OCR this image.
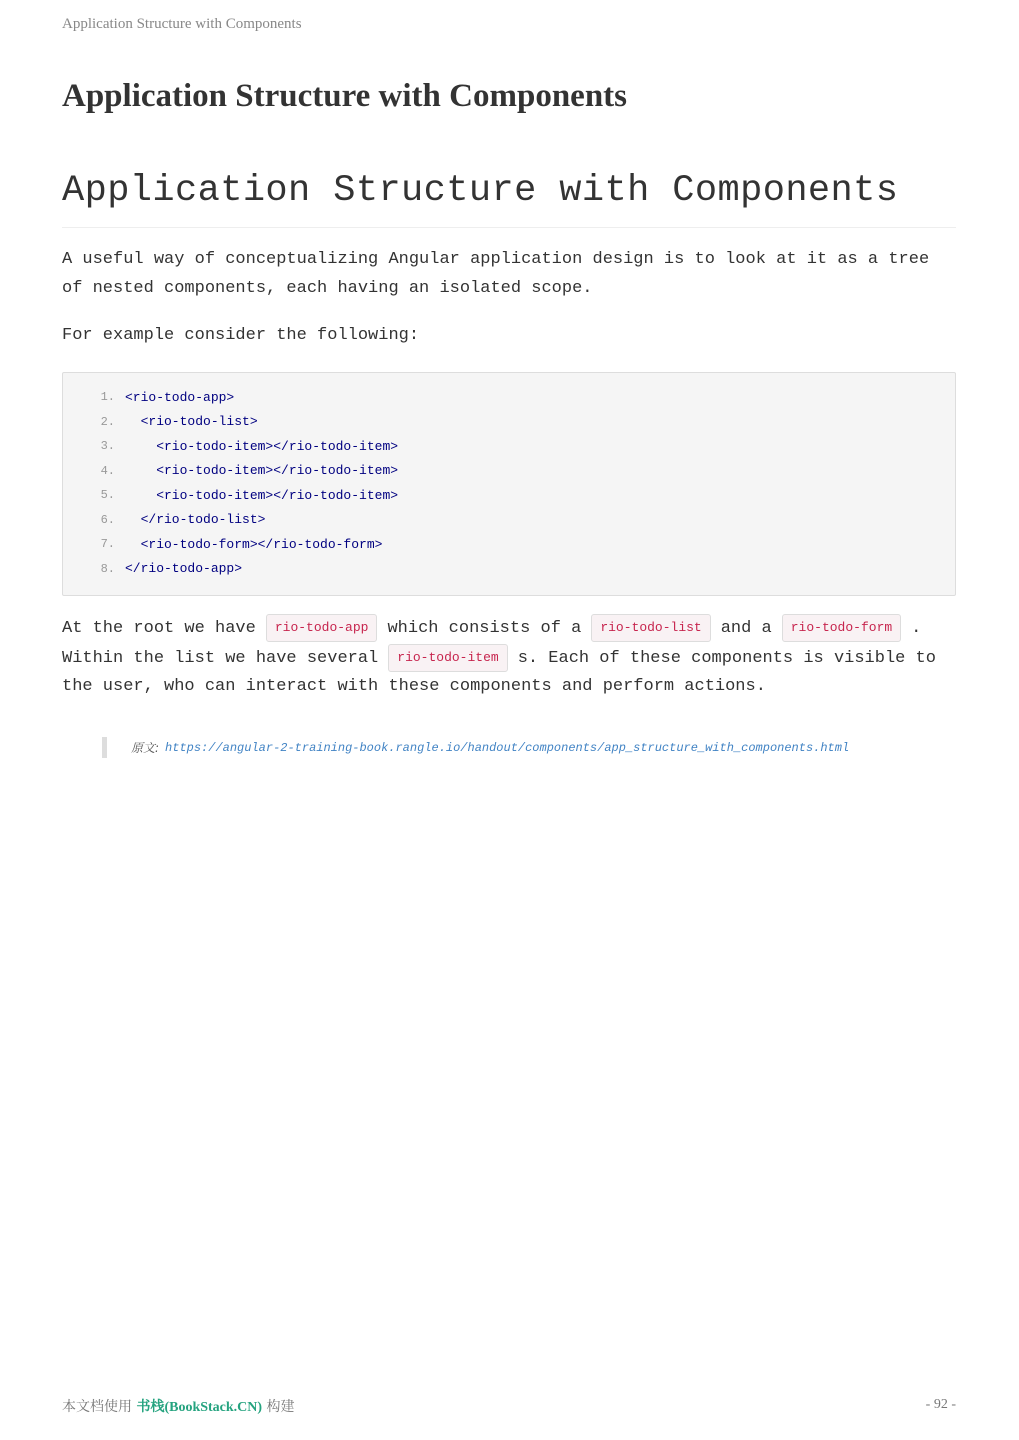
Application Structure with Components
Application Structure with Components
Application Structure with Components

A useful way of conceptualizing Angular application design is to look at it as a tree of nested components, each having an isolated scope.

For example consider the following:

1. <rio-todo-app>
2. <rio-todo-list>
3. <rio-todo-item></rio-todo-item>
4. <rio-todo-item></rio-todo-item>
5. <rio-todo-item></rio-todo-item>
6. </rio-todo-list>
7. <rio-todo-form></rio-todo-form>
8. </rio-todo-app>

At the root we have rio-todo-app which consists of a rio-todo-list and a rio-todo-form . Within the list we have several rio-todo-item s. Each of these components is visible to the user, who can interact with these components and perform actions.

原文: https://angular-2-training-book.rangle.io/handout/components/app_structure_with_components.html
本文档使用 书栈(BookStack.CN) 构建	- 92 -
